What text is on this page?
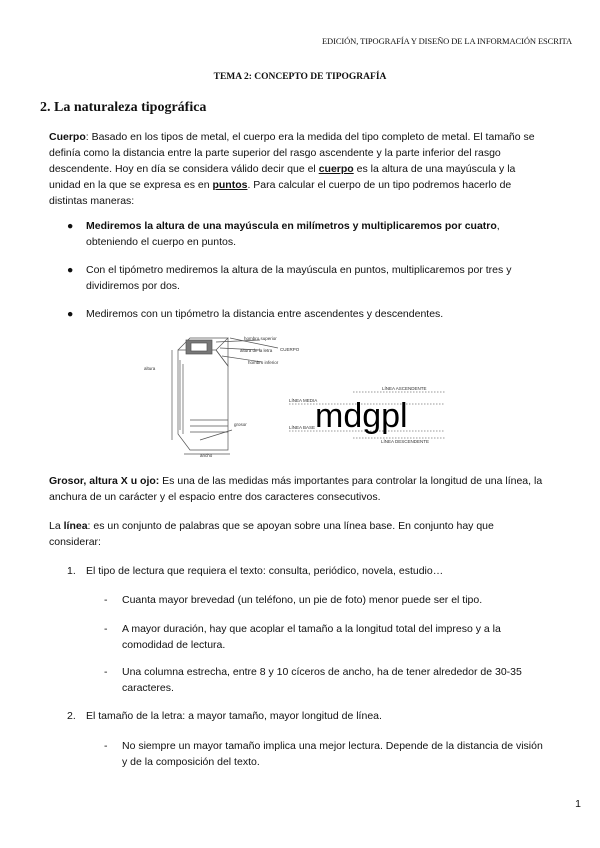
EDICIÓN, TIPOGRAFÍA Y DISEÑO DE LA INFORMACIÓN ESCRITA
TEMA 2: CONCEPTO DE TIPOGRAFÍA
2. La naturaleza tipográfica
Cuerpo: Basado en los tipos de metal, el cuerpo era la medida del tipo completo de metal. El tamaño se definía como la distancia entre la parte superior del rasgo ascendente y la parte inferior del rasgo descendente. Hoy en día se considera válido decir que el cuerpo es la altura de una mayúscula y la unidad en la que se expresa es en puntos. Para calcular el cuerpo de un tipo podremos hacerlo de distintas maneras:
● Mediremos la altura de una mayúscula en milímetros y multiplicaremos por cuatro, obteniendo el cuerpo en puntos.
● Con el tipómetro mediremos la altura de la mayúscula en puntos, multiplicaremos por tres y dividiremos por dos.
● Mediremos con un tipómetro la distancia entre ascendentes y descendentes.
hombro superior
altura de la letra
hombro inferior
CUERPO
altura
grosor
ancho
LÍNEA ASCENDENTE
LÍNEA MEDIA
LÍNEA BASE
LÍNEA DESCENDENTE
mdgpl
Grosor, altura X u ojo: Es una de las medidas más importantes para controlar la longitud de una línea, la anchura de un carácter y el espacio entre dos caracteres consecutivos.
La línea: es un conjunto de palabras que se apoyan sobre una línea base. En conjunto hay que considerar:
1. El tipo de lectura que requiera el texto: consulta, periódico, novela, estudio…
- Cuanta mayor brevedad (un teléfono, un pie de foto) menor puede ser el tipo.
- A mayor duración, hay que acoplar el tamaño a la longitud total del impreso y a la comodidad de lectura.
- Una columna estrecha, entre 8 y 10 cíceros de ancho, ha de tener alrededor de 30-35 caracteres.
2. El tamaño de la letra: a mayor tamaño, mayor longitud de línea.
- No siempre un mayor tamaño implica una mejor lectura. Depende de la distancia de visión y de la composición del texto.
1
